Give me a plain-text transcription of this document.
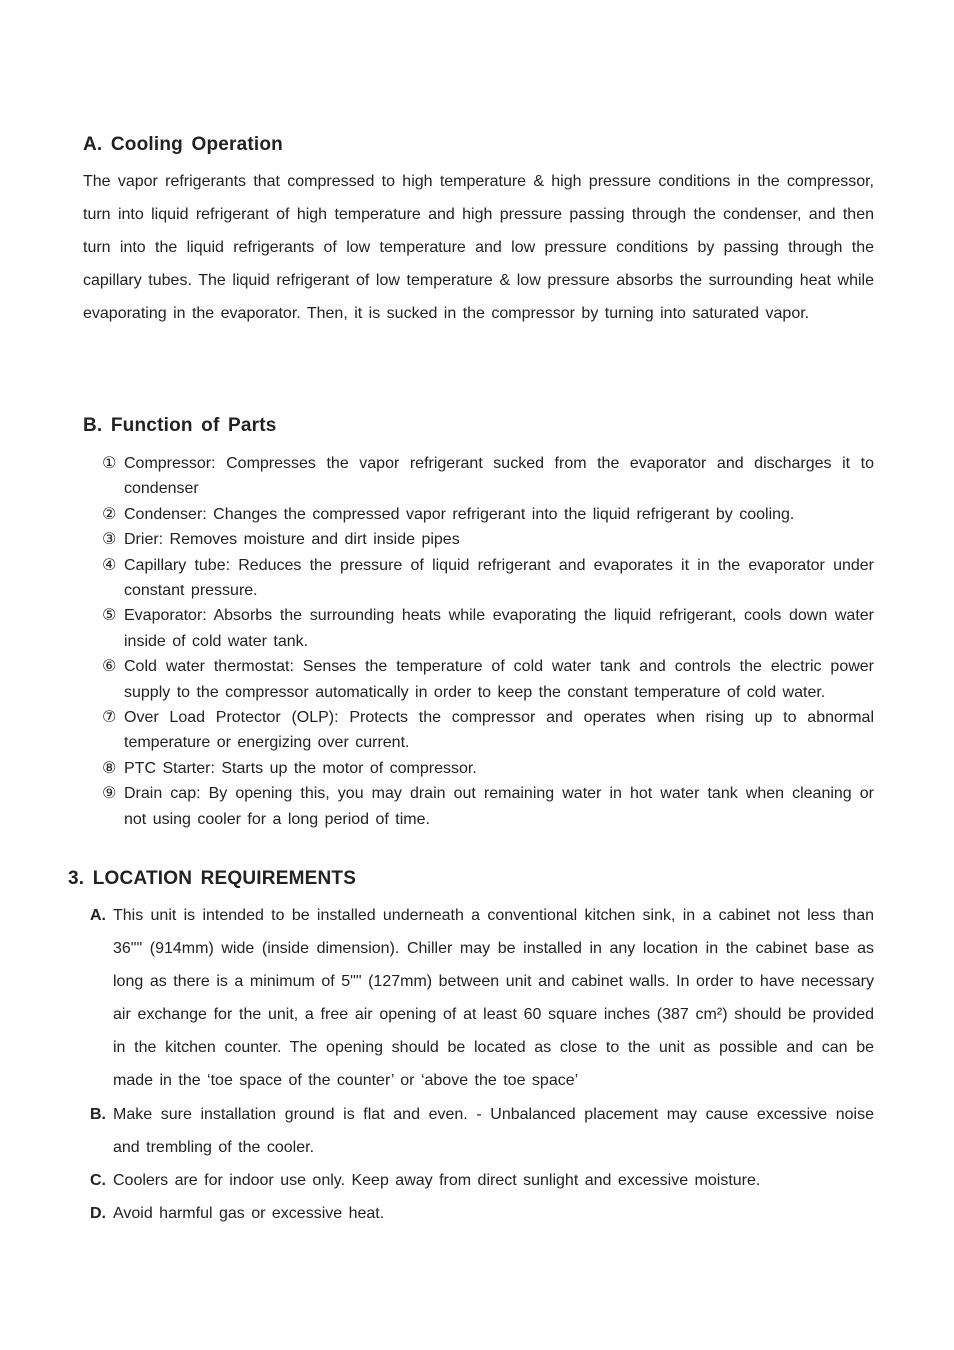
A. Cooling Operation

The vapor refrigerants that compressed to high temperature & high pressure conditions in the compressor, turn into liquid refrigerant of high temperature and high pressure passing through the condenser, and then turn into the liquid refrigerants of low temperature and low pressure conditions by passing through the capillary tubes. The liquid refrigerant of low temperature & low pressure absorbs the surrounding heat while evaporating in the evaporator. Then, it is sucked in the compressor by turning into saturated vapor.

B. Function of Parts
① Compressor: Compresses the vapor refrigerant sucked from the evaporator and discharges it to condenser
② Condenser: Changes the compressed vapor refrigerant into the liquid refrigerant by cooling.
③ Drier: Removes moisture and dirt inside pipes
④ Capillary tube: Reduces the pressure of liquid refrigerant and evaporates it in the evaporator under constant pressure.
⑤ Evaporator: Absorbs the surrounding heats while evaporating the liquid refrigerant, cools down water inside of cold water tank.
⑥ Cold water thermostat: Senses the temperature of cold water tank and controls the electric power supply to the compressor automatically in order to keep the constant temperature of cold water.
⑦ Over Load Protector (OLP): Protects the compressor and operates when rising up to abnormal temperature or energizing over current.
⑧ PTC Starter: Starts up the motor of compressor.
⑨ Drain cap: By opening this, you may drain out remaining water in hot water tank when cleaning or not using cooler for a long period of time.
3. LOCATION REQUIREMENTS
A. This unit is intended to be installed underneath a conventional kitchen sink, in a cabinet not less than 36"" (914mm) wide (inside dimension). Chiller may be installed in any location in the cabinet base as long as there is a minimum of 5"" (127mm) between unit and cabinet walls. In order to have necessary air exchange for the unit, a free air opening of at least 60 square inches (387 cm²) should be provided in the kitchen counter. The opening should be located as close to the unit as possible and can be made in the ‘toe space of the counter’ or ‘above the toe space’
B. Make sure installation ground is flat and even. - Unbalanced placement may cause excessive noise and trembling of the cooler.
C. Coolers are for indoor use only. Keep away from direct sunlight and excessive moisture.
D. Avoid harmful gas or excessive heat.
